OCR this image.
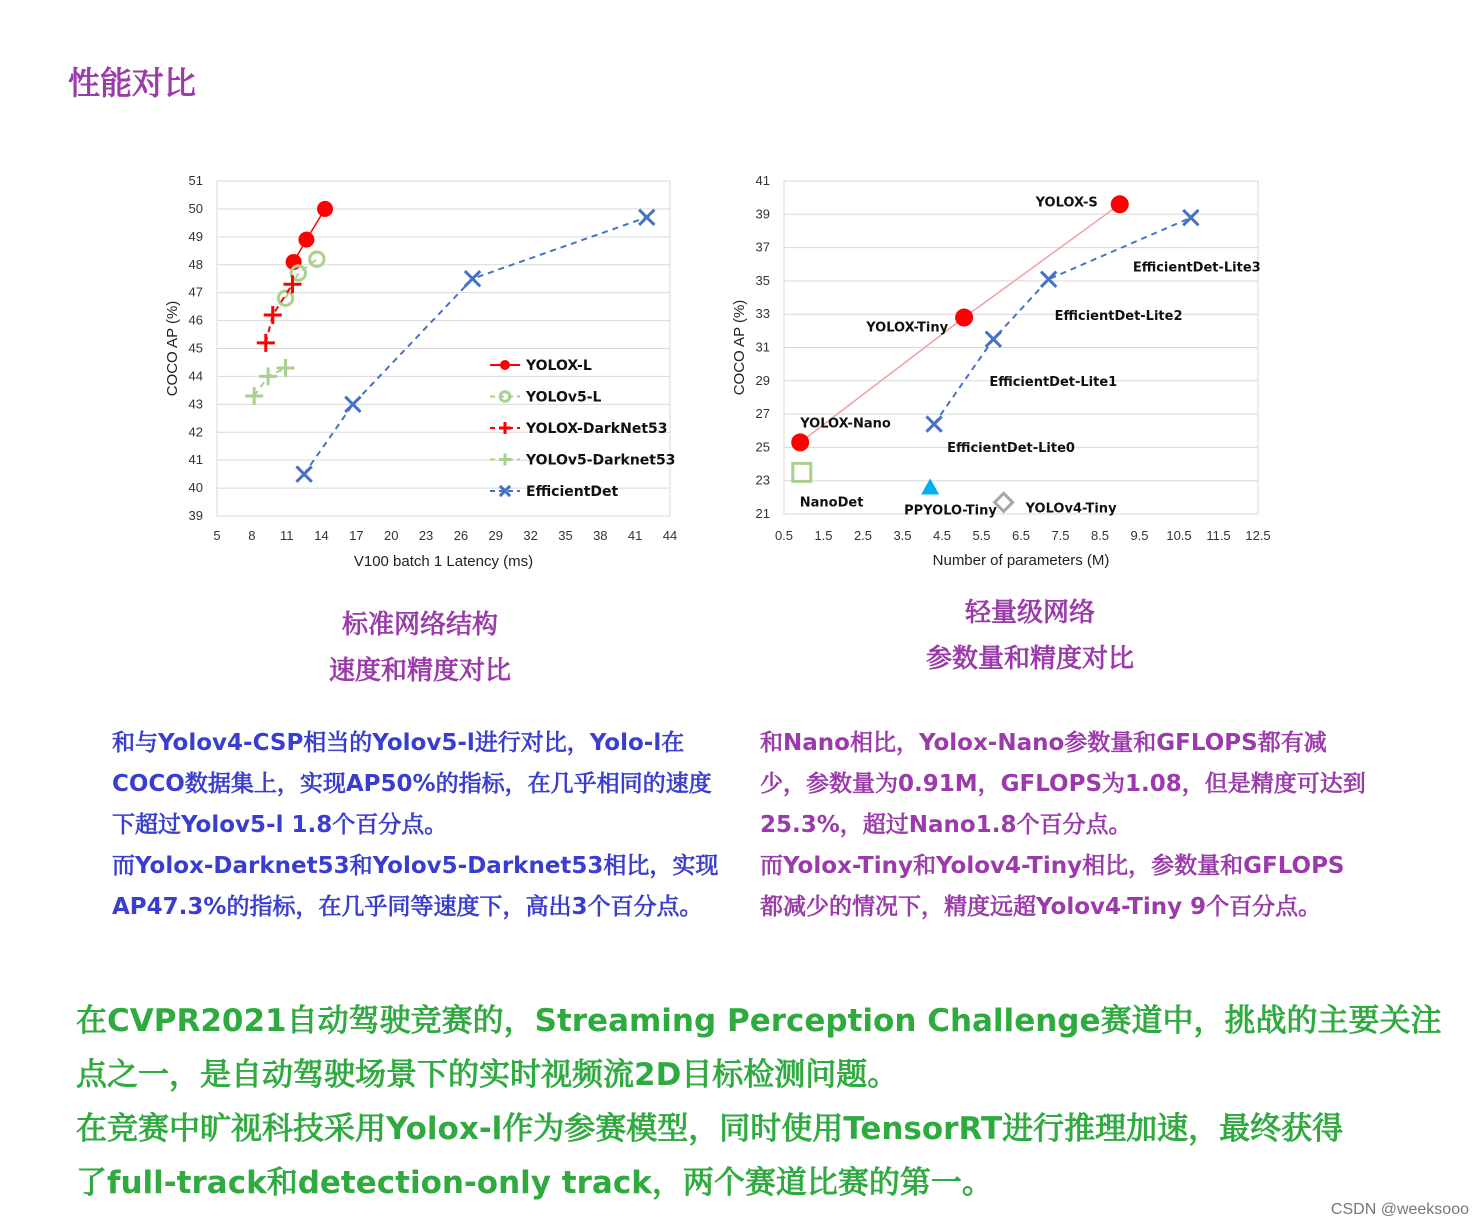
性能对比
39
40
41
42
43
44
45
46
47
48
49
50
51
5 8 11 14 17 20 23 26 29 32 35 38 41 44
V100 batch 1 Latency (ms)
COCO AP (%)	YOLOX-L
YOLOv5-L
YOLOX-DarkNet53
YOLOv5-Darknet53
EfficientDet
21
23
25
27
29
31
33
35
37
39
41
0.5 1.5 2.5 3.5 4.5 5.5 6.5 7.5 8.5 9.5 10.5 11.5 12.5
Number of parameters (M)
COCO AP (%)
YOLOX-Nano
YOLOX-Tiny
YOLOX-S
EfficientDet-Lite0
EfficientDet-Lite1
EfficientDet-Lite2
EfficientDet-Lite3
NanoDet
PPYOLO-Tiny YOLOv4-Tiny
标准网络结构
速度和精度对比
轻量级网络
参数量和精度对比
和与Yolov4-CSP相当的Yolov5-l进行对比，Yolo-l在
COCO数据集上，实现AP50%的指标，在几乎相同的速度
下超过Yolov5-l 1.8个百分点。
而Yolox-Darknet53和Yolov5-Darknet53相比，实现
AP47.3%的指标，在几乎同等速度下，高出3个百分点。
和Nano相比，Yolox-Nano参数量和GFLOPS都有减
少，参数量为0.91M，GFLOPS为1.08，但是精度可达到
25.3%，超过Nano1.8个百分点。
而Yolox-Tiny和Yolov4-Tiny相比，参数量和GFLOPS
都减少的情况下，精度远超Yolov4-Tiny 9个百分点。
在CVPR2021自动驾驶竞赛的，Streaming Perception Challenge赛道中，挑战的主要关注
点之一，是自动驾驶场景下的实时视频流2D目标检测问题。
在竞赛中旷视科技采用Yolox-l作为参赛模型，同时使用TensorRT进行推理加速，最终获得
了full-track和detection-only track，两个赛道比赛的第一。
CSDN @weeksooo
